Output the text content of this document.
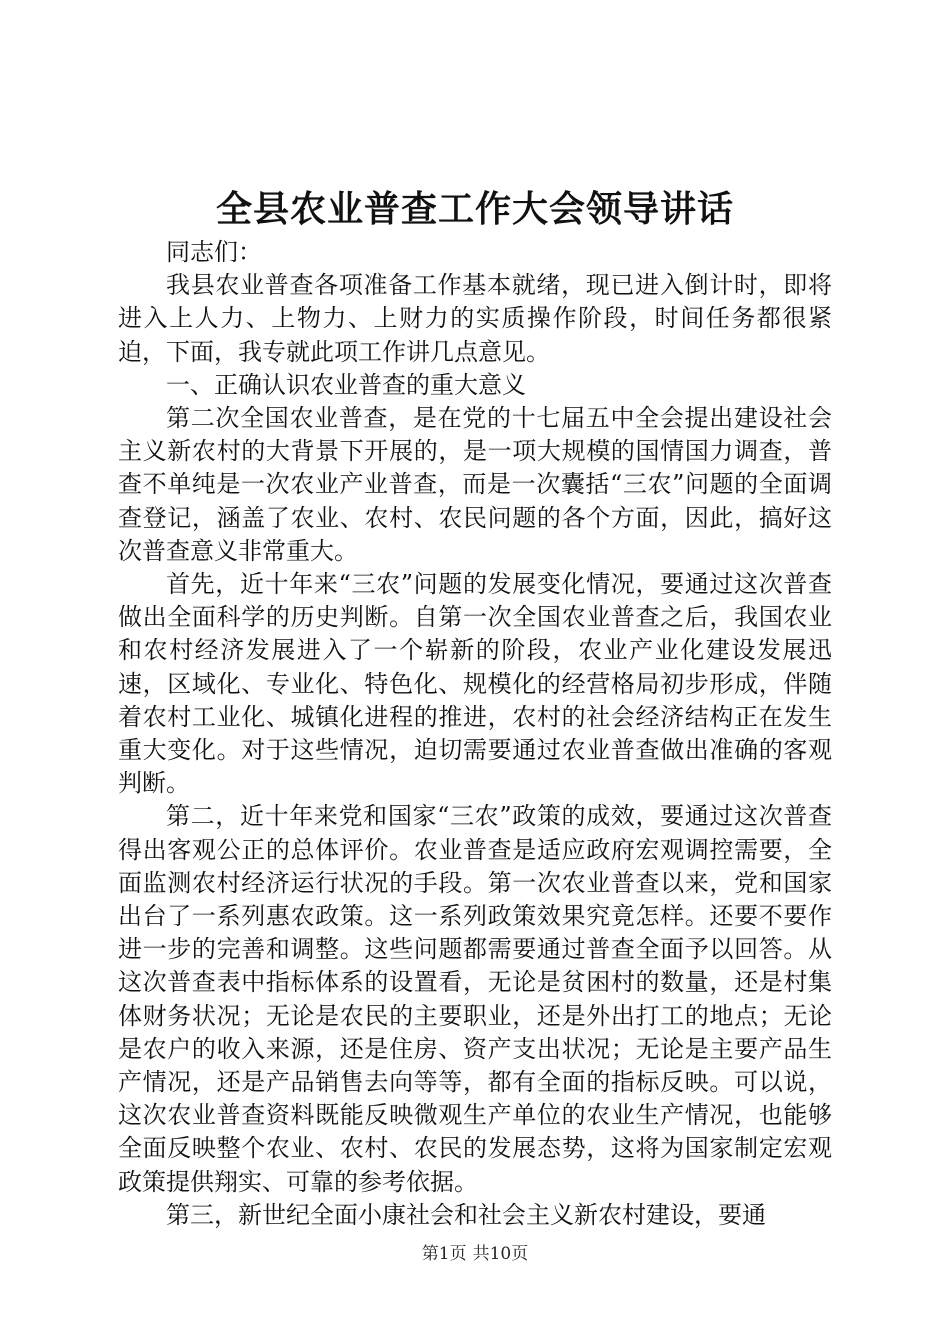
全县农业普查工作大会领导讲话

同志们：

我县农业普查各项准备工作基本就绪，现已进入倒计时，即将进入上人力、上物力、上财力的实质操作阶段，时间任务都很紧迫，下面，我专就此项工作讲几点意见。

一、正确认识农业普查的重大意义

第二次全国农业普查，是在党的十七届五中全会提出建设社会主义新农村的大背景下开展的，是一项大规模的国情国力调查，普查不单纯是一次农业产业普查，而是一次囊括“三农”问题的全面调查登记，涵盖了农业、农村、农民问题的各个方面，因此，搞好这次普查意义非常重大。

首先，近十年来“三农”问题的发展变化情况，要通过这次普查做出全面科学的历史判断。自第一次全国农业普查之后，我国农业和农村经济发展进入了一个崭新的阶段，农业产业化建设发展迅速，区域化、专业化、特色化、规模化的经营格局初步形成，伴随着农村工业化、城镇化进程的推进，农村的社会经济结构正在发生重大变化。对于这些情况，迫切需要通过农业普查做出准确的客观判断。

第二，近十年来党和国家“三农”政策的成效，要通过这次普查得出客观公正的总体评价。农业普查是适应政府宏观调控需要，全面监测农村经济运行状况的手段。第一次农业普查以来，党和国家出台了一系列惠农政策。这一系列政策效果究竟怎样。还要不要作进一步的完善和调整。这些问题都需要通过普查全面予以回答。从这次普查表中指标体系的设置看，无论是贫困村的数量，还是村集体财务状况；无论是农民的主要职业，还是外出打工的地点；无论是农户的收入来源，还是住房、资产支出状况；无论是主要产品生产情况，还是产品销售去向等等，都有全面的指标反映。可以说，这次农业普查资料既能反映微观生产单位的农业生产情况，也能够全面反映整个农业、农村、农民的发展态势，这将为国家制定宏观政策提供翔实、可靠的参考依据。

第三，新世纪全面小康社会和社会主义新农村建设，要通

第1页 共10页
